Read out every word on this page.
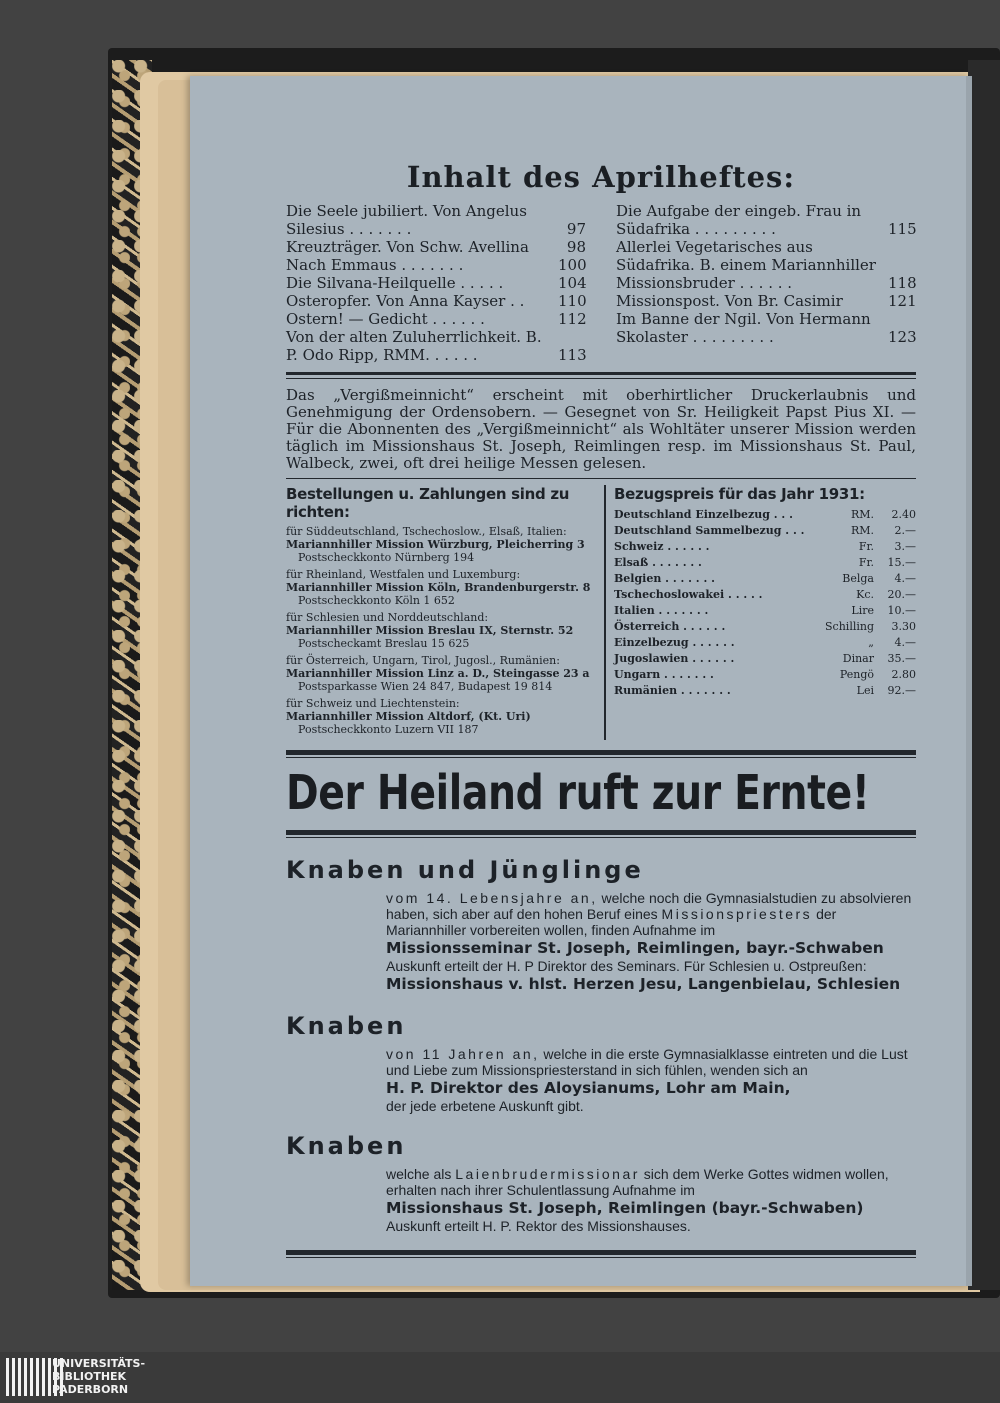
Inhalt des Aprilheftes:
Die Seele jubiliert. Von Angelus Silesius . . . . . . .	97
Kreuzträger. Von Schw. Avellina	98
Nach Emmaus . . . . . . .	100
Die Silvana-Heilquelle . . . . .	104
Osteropfer. Von Anna Kayser . .	110
Ostern! — Gedicht . . . . . .	112
Von der alten Zuluherrlichkeit. B. P. Odo Ripp, RMM. . . . . .	113
Die Aufgabe der eingeb. Frau in Südafrika . . . . . . . . .	115
Allerlei Vegetarisches aus Südafrika. B. einem Mariannhiller Missionsbruder . . . . . .	118
Missionspost. Von Br. Casimir	121
Im Banne der Ngil. Von Hermann Skolaster . . . . . . . . .	123
Das „Vergißmeinnicht“ erscheint mit oberhirtlicher Druckerlaubnis und Genehmigung der Ordensobern. — Gesegnet von Sr. Heiligkeit Papst Pius XI. — Für die Abonnenten des „Vergißmeinnicht“ als Wohltäter unserer Mission werden täglich im Missionshaus St. Joseph, Reimlingen resp. im Missionshaus St. Paul, Walbeck, zwei, oft drei heilige Messen gelesen.
Bestellungen u. Zahlungen sind zu richten:
für Süddeutschland, Tschechoslow., Elsaß, Italien:
Mariannhiller Mission Würzburg, Pleicherring 3
Postscheckkonto Nürnberg 194
für Rheinland, Westfalen und Luxemburg:
Mariannhiller Mission Köln, Brandenburgerstr. 8
Postscheckkonto Köln 1 652
für Schlesien und Norddeutschland:
Mariannhiller Mission Breslau IX, Sternstr. 52
Postscheckamt Breslau 15 625
für Österreich, Ungarn, Tirol, Jugosl., Rumänien:
Mariannhiller Mission Linz a. D., Steingasse 23 a
Postsparkasse Wien 24 847, Budapest 19 814
für Schweiz und Liechtenstein:
Mariannhiller Mission Altdorf, (Kt. Uri)
Postscheckkonto Luzern VII 187
Bezugspreis für das Jahr 1931:
Deutschland Einzelbezug . . .	RM.	2.40
Deutschland Sammelbezug . . .	RM.	2.—
Schweiz . . . . . .	Fr.	3.—
Elsaß . . . . . . .	Fr.	15.—
Belgien . . . . . . .	Belga	4.—
Tschechoslowakei . . . . .	Kc.	20.—
Italien . . . . . . .	Lire	10.—
Österreich . . . . . .	Schilling	3.30
Einzelbezug . . . . . .	„	4.—
Jugoslawien . . . . . .	Dinar	35.—
Ungarn . . . . . . .	Pengö	2.80
Rumänien . . . . . . .	Lei	92.—
Der Heiland ruft zur Ernte!
Knaben und Jünglinge
vom 14. Lebensjahre an, welche noch die Gymnasialstudien zu absolvieren haben, sich aber auf den hohen Beruf eines Missionspriesters der Mariannhiller vorbereiten wollen, finden Aufnahme im
Missionsseminar St. Joseph, Reimlingen, bayr.-Schwaben
Auskunft erteilt der H. P Direktor des Seminars. Für Schlesien u. Ostpreußen:
Missionshaus v. hlst. Herzen Jesu, Langenbielau, Schlesien
Knaben
von 11 Jahren an, welche in die erste Gymnasialklasse eintreten und die Lust und Liebe zum Missionspriesterstand in sich fühlen, wenden sich an
H. P. Direktor des Aloysianums, Lohr am Main,
der jede erbetene Auskunft gibt.
Knaben
welche als Laienbrudermissionar sich dem Werke Gottes widmen wollen, erhalten nach ihrer Schulentlassung Aufnahme im
Missionshaus St. Joseph, Reimlingen (bayr.-Schwaben)
Auskunft erteilt H. P. Rektor des Missionshauses.
UNIVERSITÄTS-
BIBLIOTHEK
PADERBORN
